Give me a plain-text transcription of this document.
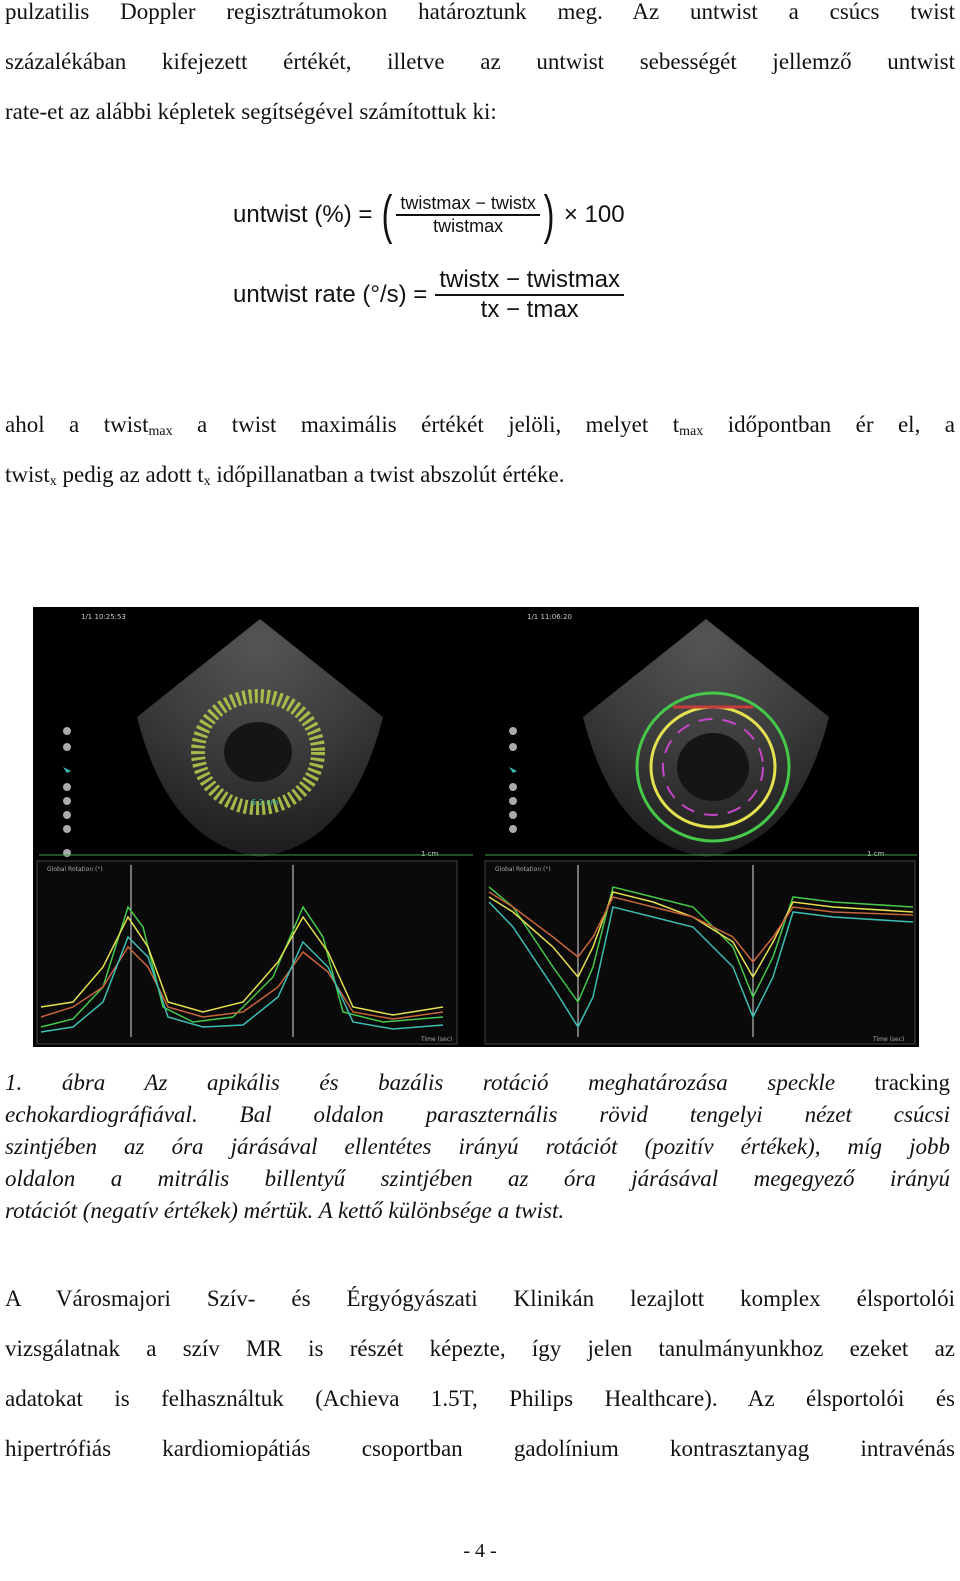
pulzatilis Doppler regisztrátumokon határoztunk meg. Az untwist a csúcs twist
százalékában kifejezett értékét, illetve az untwist sebességét jellemző untwist
rate-et az alábbi képletek segítségével számítottuk ki:
untwist (%) = ( $\frac{\text{twistmax − twistx}}{\text{twistmax}}$ ) × 100
untwist rate $(^\circ/s) = \frac{\text{twistx − twistmax}}{tx - tmax}$
ahol a twist$_{max}$ a twist maximális értékét jelöli, melyet $t_{max}$ időpontban ér el, a
twist$_x$ pedig az adott $t_x$ időpillanatban a twist abszolút értéke.
1/1 10:25:53
6.2 cm
1 cm
1/1 11:06:20
1 cm
Global Rotation (°)
Time (sec)
Global Rotation (°)
Time (sec)
1. ábra Az apikális és bazális rotáció meghatározása speckle tracking
echokardiográfiával. Bal oldalon paraszternális rövid tengelyi nézet csúcsi
szintjében az óra járásával ellentétes irányú rotációt (pozitív értékek), míg jobb
oldalon a mitrális billentyű szintjében az óra járásával megegyező irányú
rotációt (negatív értékek) mértük. A kettő különbsége a twist.
A Városmajori Szív- és Érgyógyászati Klinikán lezajlott komplex élsportolói
vizsgálatnak a szív MR is részét képezte, így jelen tanulmányunkhoz ezeket az
adatokat is felhasználtuk (Achieva 1.5T, Philips Healthcare). Az élsportolói és
hipertrófiás kardiomiopátiás csoportban gadolínium kontrasztanyag intravénás
- 4 -
